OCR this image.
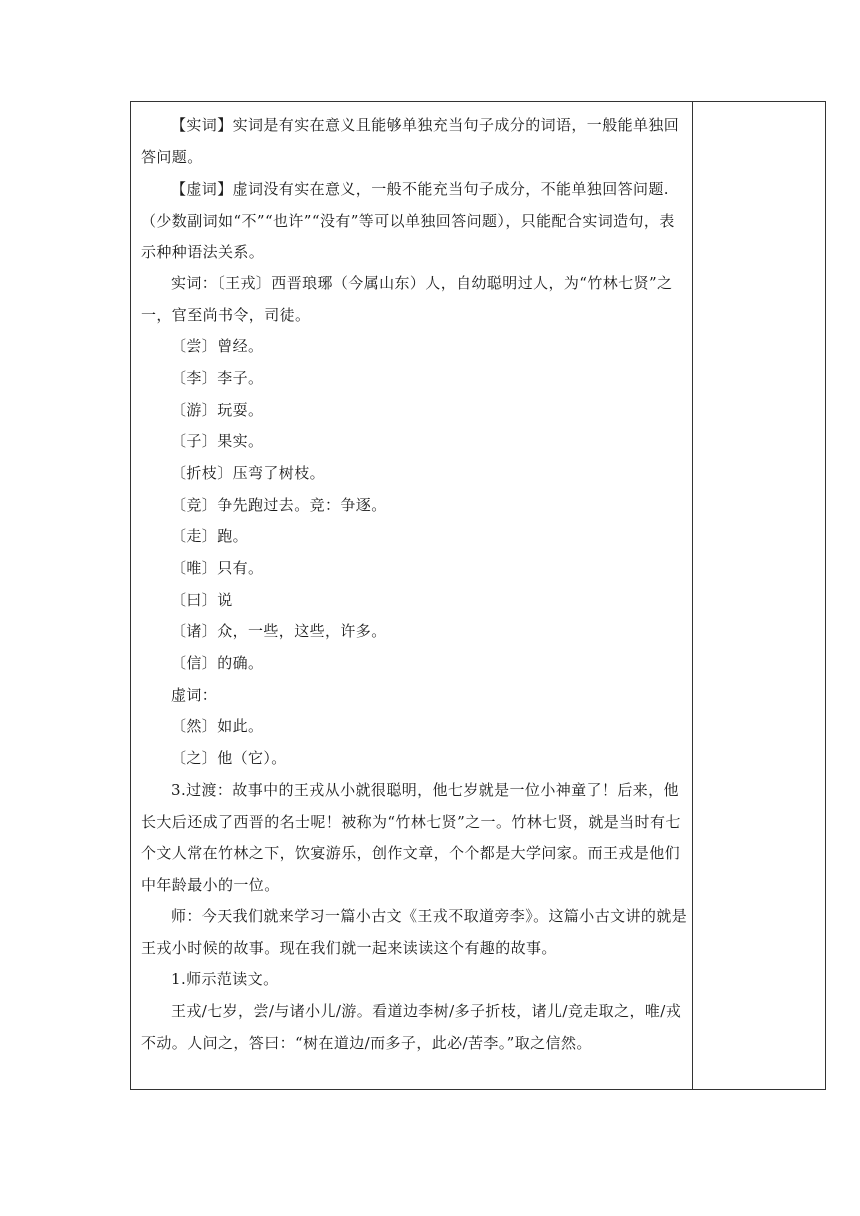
【实词】实词是有实在意义且能够单独充当句子成分的词语，一般能单独回答问题。

【虚词】虚词没有实在意义，一般不能充当句子成分，不能单独回答问题.（少数副词如“不”“也许”“没有”等可以单独回答问题），只能配合实词造句，表示种种语法关系。

实词：〔王戎〕西晋琅琊（今属山东）人，自幼聪明过人，为“竹林七贤”之一，官至尚书令，司徒。

〔尝〕曾经。

〔李〕李子。

〔游〕玩耍。

〔子〕果实。

〔折枝〕压弯了树枝。

〔竞〕争先跑过去。竞：争逐。

〔走〕跑。

〔唯〕只有。

〔曰〕说

〔诸〕众，一些，这些，许多。

〔信〕的确。

虚词：

〔然〕如此。

〔之〕他（它）。

3.过渡：故事中的王戎从小就很聪明，他七岁就是一位小神童了！后来，他长大后还成了西晋的名士呢！被称为“竹林七贤”之一。竹林七贤，就是当时有七个文人常在竹林之下，饮宴游乐，创作文章，个个都是大学问家。而王戎是他们中年龄最小的一位。

师：今天我们就来学习一篇小古文《王戎不取道旁李》。这篇小古文讲的就是王戎小时候的故事。现在我们就一起来读读这个有趣的故事。

1.师示范读文。

王戎/七岁，尝/与诸小儿/游。看道边李树/多子折枝，诸儿/竞走取之，唯/戎不动。人问之，答曰：“树在道边/而多子，此必/苦李。”取之信然。
